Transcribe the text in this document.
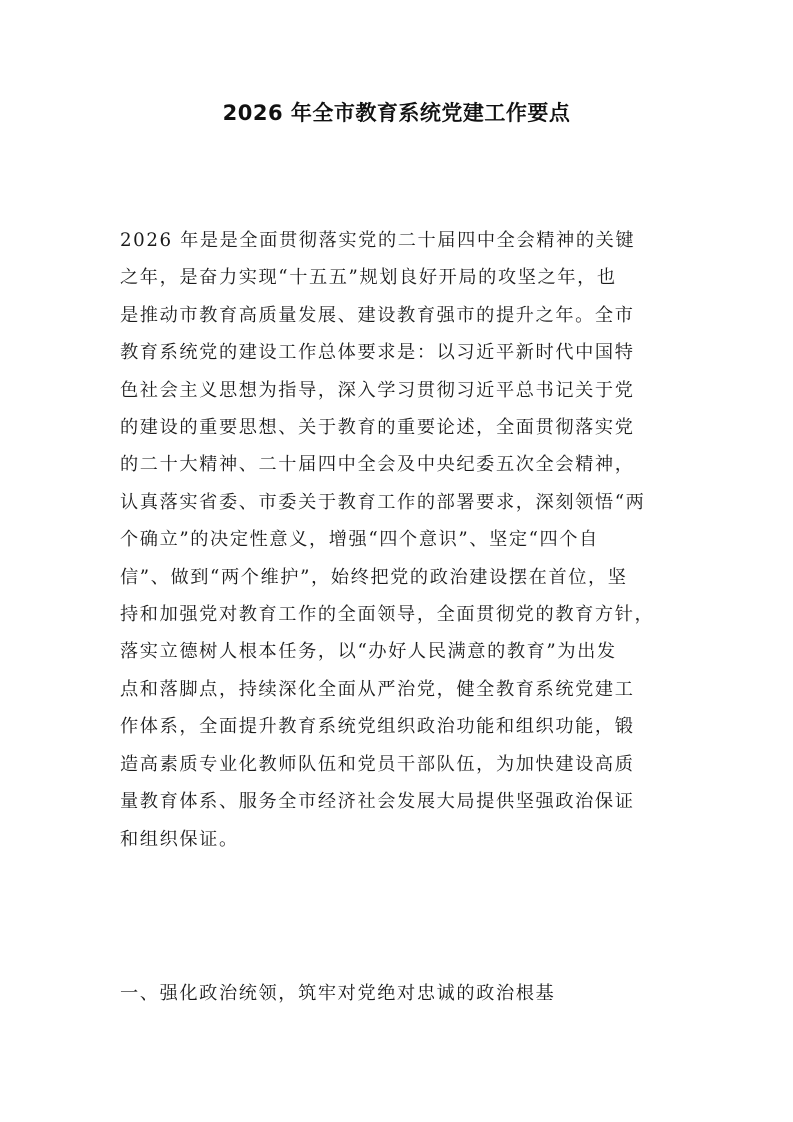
2026 年全市教育系统党建工作要点
2026 年是是全面贯彻落实党的二十届四中全会精神的关键
之年，是奋力实现“十五五”规划良好开局的攻坚之年，也
是推动市教育高质量发展、建设教育强市的提升之年。全市
教育系统党的建设工作总体要求是：以习近平新时代中国特
色社会主义思想为指导，深入学习贯彻习近平总书记关于党
的建设的重要思想、关于教育的重要论述，全面贯彻落实党
的二十大精神、二十届四中全会及中央纪委五次全会精神，
认真落实省委、市委关于教育工作的部署要求，深刻领悟“两
个确立”的决定性意义，增强“四个意识”、坚定“四个自
信”、做到“两个维护”，始终把党的政治建设摆在首位，坚
持和加强党对教育工作的全面领导，全面贯彻党的教育方针，
落实立德树人根本任务，以“办好人民满意的教育”为出发
点和落脚点，持续深化全面从严治党，健全教育系统党建工
作体系，全面提升教育系统党组织政治功能和组织功能，锻
造高素质专业化教师队伍和党员干部队伍，为加快建设高质
量教育体系、服务全市经济社会发展大局提供坚强政治保证
和组织保证。
一、强化政治统领，筑牢对党绝对忠诚的政治根基
